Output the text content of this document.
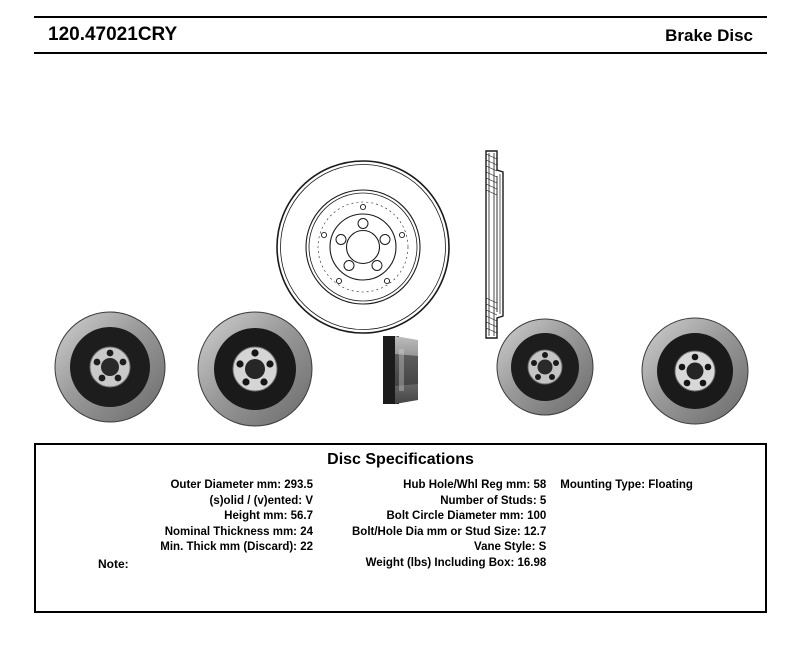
120.47021CRY	Brake Disc
Disc Specifications
Outer Diameter mm: 293.5
(s)olid / (v)ented: V
Height mm: 56.7
Nominal Thickness mm: 24
Min. Thick mm (Discard): 22
Hub Hole/Whl Reg mm: 58
Number of Studs: 5
Bolt Circle Diameter mm: 100
Bolt/Hole Dia mm or Stud Size: 12.7
Vane Style: S
Weight (lbs) Including Box: 16.98
Mounting Type: Floating
Note:
